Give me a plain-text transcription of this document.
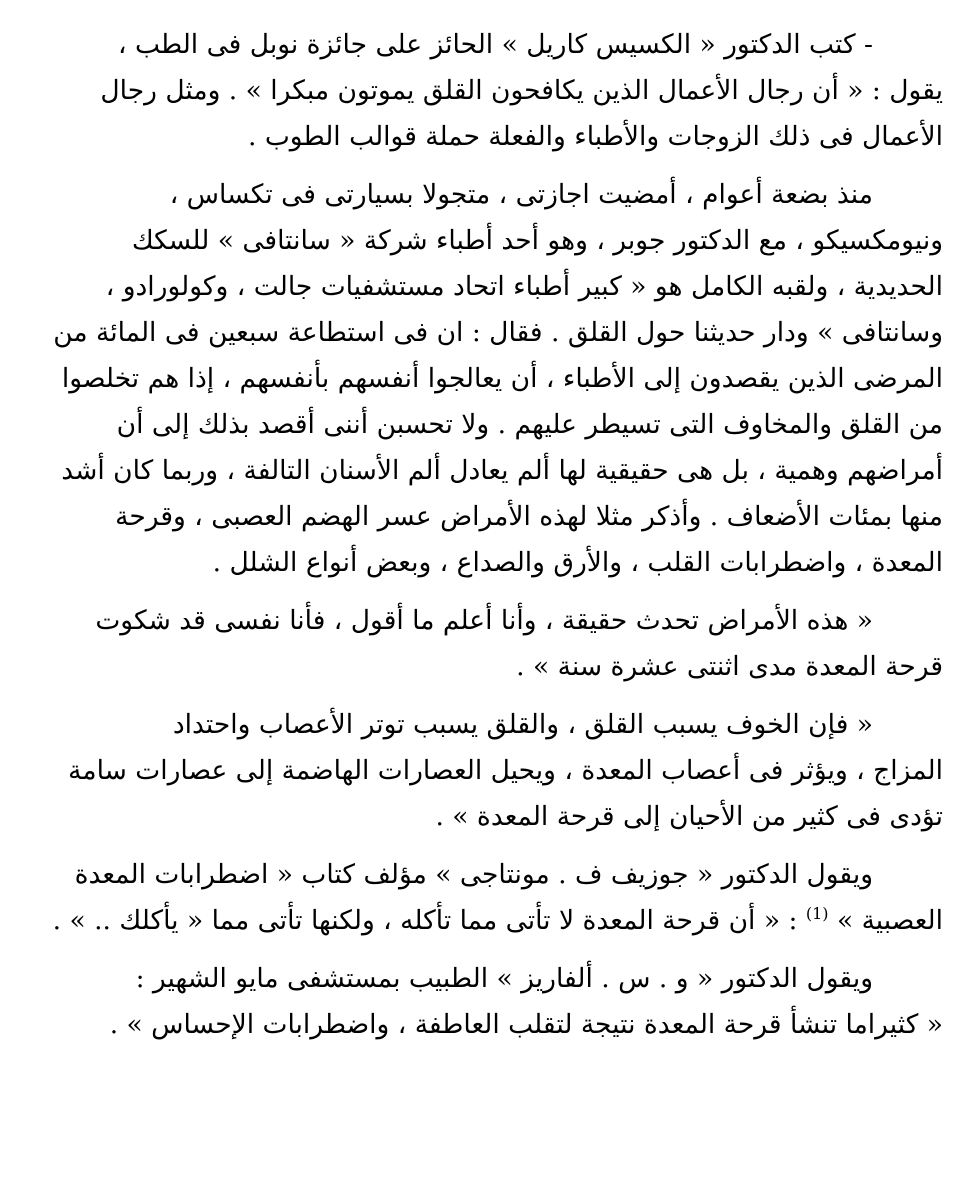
- كتب الدكتور « الكسيس كاريل » الحائز على جائزة نوبل فى الطب ،
يقول : « أن رجال الأعمال الذين يكافحون القلق يموتون مبكرا » . ومثل رجال
الأعمال فى ذلك الزوجات والأطباء والفعلة حملة قوالب الطوب .

منذ بضعة أعوام ، أمضيت اجازتى ، متجولا بسيارتى فى تكساس ،
ونيومكسيكو ، مع الدكتور جوبر ، وهو أحد أطباء شركة « سانتافى » للسكك
الحديدية ، ولقبه الكامل هو « كبير أطباء اتحاد مستشفيات جالت ، وكولورادو ،
وسانتافى » ودار حديثنا حول القلق . فقال : ان فى استطاعة سبعين فى المائة من
المرضى الذين يقصدون إلى الأطباء ، أن يعالجوا أنفسهم بأنفسهم ، إذا هم تخلصوا
من القلق والمخاوف التى تسيطر عليهم . ولا تحسبن أننى أقصد بذلك إلى أن
أمراضهم وهمية ، بل هى حقيقية لها ألم يعادل ألم الأسنان التالفة ، وربما كان أشد
منها بمئات الأضعاف . وأذكر مثلا لهذه الأمراض عسر الهضم العصبى ، وقرحة
المعدة ، واضطرابات القلب ، والأرق والصداع ، وبعض أنواع الشلل .

« هذه الأمراض تحدث حقيقة ، وأنا أعلم ما أقول ، فأنا نفسى قد شكوت
قرحة المعدة مدى اثنتى عشرة سنة » .

« فإن الخوف يسبب القلق ، والقلق يسبب توتر الأعصاب واحتداد
المزاج ، ويؤثر فى أعصاب المعدة ، ويحيل العصارات الهاضمة إلى عصارات سامة
تؤدى فى كثير من الأحيان إلى قرحة المعدة » .

ويقول الدكتور « جوزيف ف . مونتاجى » مؤلف كتاب « اضطرابات المعدة
العصبية » $^{(1)}$ : « أن قرحة المعدة لا تأتى مما تأكله ، ولكنها تأتى مما « يأكلك .. » .

ويقول الدكتور « و . س . ألفاريز » الطبيب بمستشفى مايو الشهير :
« كثيراما تنشأ قرحة المعدة نتيجة لتقلب العاطفة ، واضطرابات الإحساس » .
